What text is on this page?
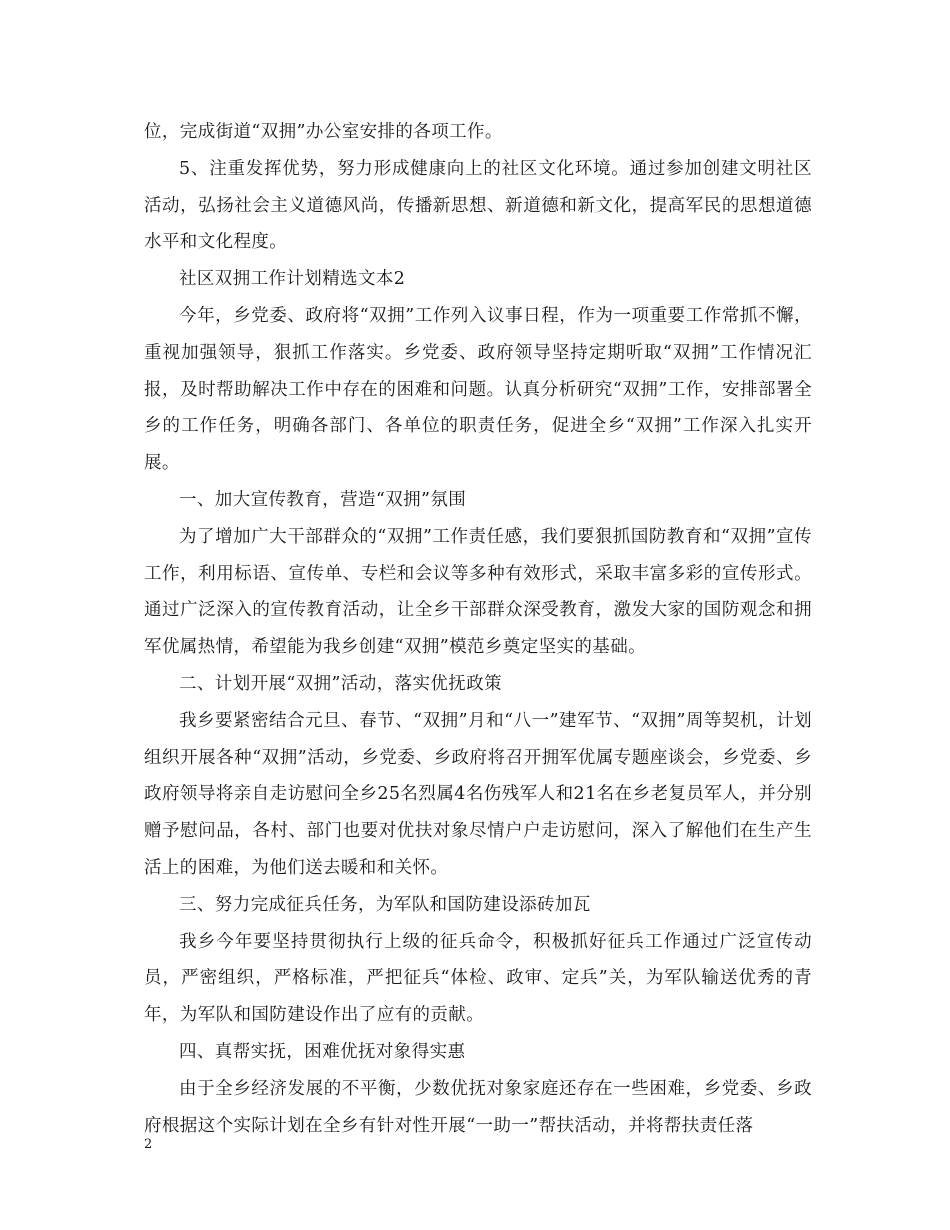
位，完成街道“双拥”办公室安排的各项工作。

5、注重发挥优势，努力形成健康向上的社区文化环境。通过参加创建文明社区活动，弘扬社会主义道德风尚，传播新思想、新道德和新文化，提高军民的思想道德水平和文化程度。

社区双拥工作计划精选文本2

今年，乡党委、政府将“双拥”工作列入议事日程，作为一项重要工作常抓不懈，重视加强领导，狠抓工作落实。乡党委、政府领导坚持定期听取“双拥”工作情况汇报，及时帮助解决工作中存在的困难和问题。认真分析研究“双拥”工作，安排部署全乡的工作任务，明确各部门、各单位的职责任务，促进全乡“双拥”工作深入扎实开展。

一、加大宣传教育，营造“双拥”氛围

为了增加广大干部群众的“双拥”工作责任感，我们要狠抓国防教育和“双拥”宣传工作，利用标语、宣传单、专栏和会议等多种有效形式，采取丰富多彩的宣传形式。通过广泛深入的宣传教育活动，让全乡干部群众深受教育，激发大家的国防观念和拥军优属热情，希望能为我乡创建“双拥”模范乡奠定坚实的基础。

二、计划开展“双拥”活动，落实优抚政策

我乡要紧密结合元旦、春节、“双拥”月和“八一”建军节、“双拥”周等契机，计划组织开展各种“双拥”活动，乡党委、乡政府将召开拥军优属专题座谈会，乡党委、乡政府领导将亲自走访慰问全乡25名烈属4名伤残军人和21名在乡老复员军人，并分别赠予慰问品，各村、部门也要对优扶对象尽情户户走访慰问，深入了解他们在生产生活上的困难，为他们送去暖和和关怀。

三、努力完成征兵任务，为军队和国防建设添砖加瓦

我乡今年要坚持贯彻执行上级的征兵命令，积极抓好征兵工作通过广泛宣传动员，严密组织，严格标准，严把征兵“体检、政审、定兵”关，为军队输送优秀的青年，为军队和国防建设作出了应有的贡献。

四、真帮实抚，困难优抚对象得实惠

由于全乡经济发展的不平衡，少数优抚对象家庭还存在一些困难，乡党委、乡政府根据这个实际计划在全乡有针对性开展“一助一”帮扶活动，并将帮扶责任落

2
